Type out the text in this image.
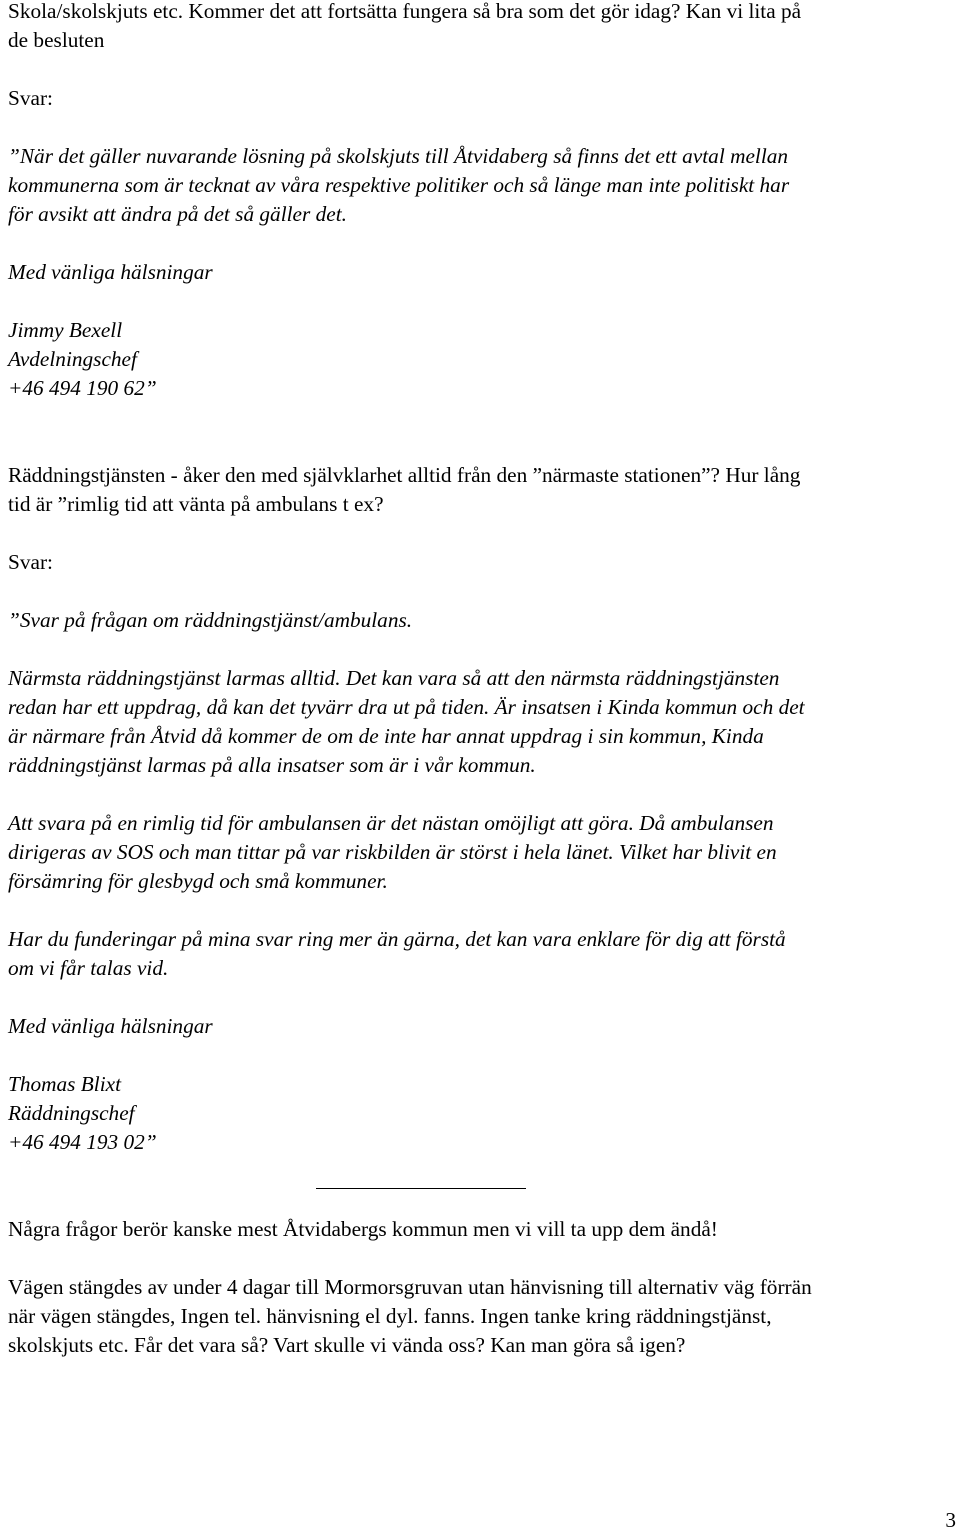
Skola/skolskjuts etc. Kommer det att fortsätta fungera så bra som det gör idag? Kan vi lita på

de besluten

Svar:

”När det gäller nuvarande lösning på skolskjuts till Åtvidaberg så finns det ett avtal mellan

kommunerna som är tecknat av våra respektive politiker och så länge man inte politiskt har

för avsikt att ändra på det så gäller det.

Med vänliga hälsningar

Jimmy Bexell

Avdelningschef

+46 494 190 62”

Räddningstjänsten - åker den med självklarhet alltid från den ”närmaste stationen”? Hur lång

tid är ”rimlig tid att vänta på ambulans t ex?

Svar:

”Svar på frågan om räddningstjänst/ambulans.

Närmsta räddningstjänst larmas alltid. Det kan vara så att den närmsta räddningstjänsten

redan har ett uppdrag, då kan det tyvärr dra ut på tiden. Är insatsen i Kinda kommun och det

är närmare från Åtvid då kommer de om de inte har annat uppdrag i sin kommun, Kinda

räddningstjänst larmas på alla insatser som är i vår kommun.

Att svara på en rimlig tid för ambulansen är det nästan omöjligt att göra. Då ambulansen

dirigeras av SOS och man tittar på var riskbilden är störst i hela länet. Vilket har blivit en

försämring för glesbygd och små kommuner.

Har du funderingar på mina svar ring mer än gärna, det kan vara enklare för dig att förstå

om vi får talas vid.

Med vänliga hälsningar

Thomas Blixt

Räddningschef

+46 494 193 02”

Några frågor berör kanske mest Åtvidabergs kommun men vi vill ta upp dem ändå!

Vägen stängdes av under 4 dagar till Mormorsgruvan utan hänvisning till alternativ väg förrän

när vägen stängdes, Ingen tel. hänvisning el dyl. fanns. Ingen tanke kring räddningstjänst,

skolskjuts etc. Får det vara så? Vart skulle vi vända oss? Kan man göra så igen?

3
